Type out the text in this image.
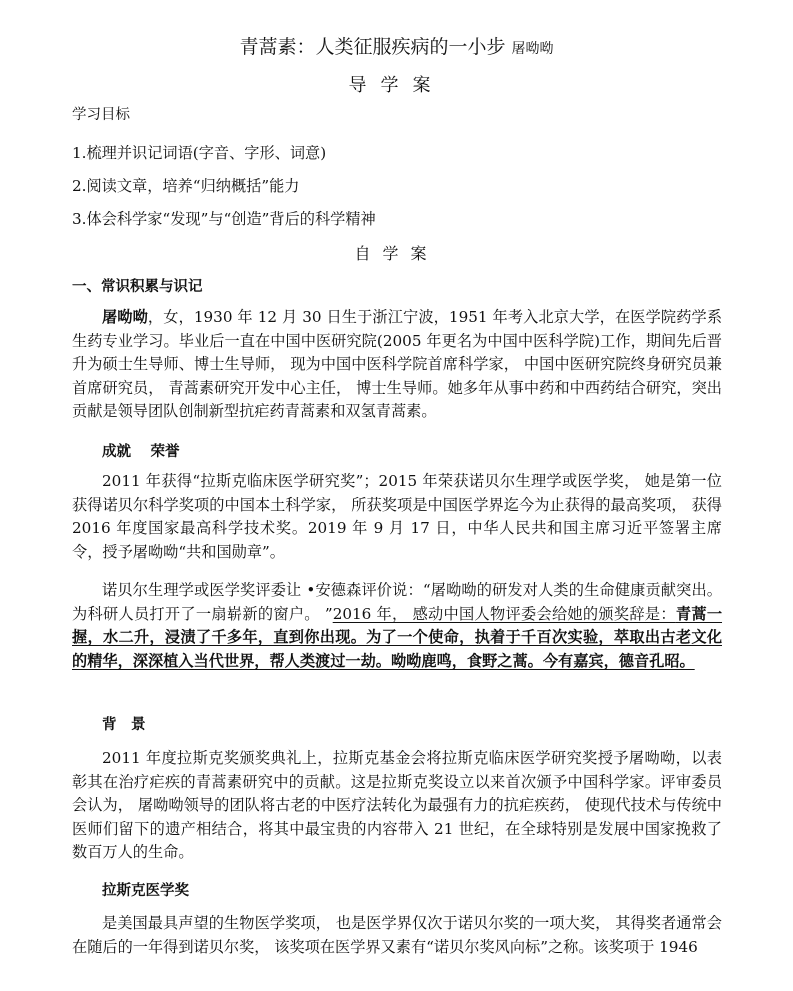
青蒿素：人类征服疾病的一小步 屠呦呦
导学案
学习目标
1.梳理并识记词语(字音、字形、词意)
2.阅读文章，培养“归纳概括”能力
3.体会科学家“发现”与“创造”背后的科学精神
自学案
一、常识积累与识记
屠呦呦，女，1930 年 12 月 30 日生于浙江宁波，1951 年考入北京大学，在医学院药学系生药专业学习。毕业后一直在中国中医研究院(2005 年更名为中国中医科学院)工作，期间先后晋升为硕士生导师、博士生导师， 现为中国中医科学院首席科学家， 中国中医研究院终身研究员兼首席研究员， 青蒿素研究开发中心主任， 博士生导师。她多年从事中药和中西药结合研究，突出贡献是领导团队创制新型抗疟药青蒿素和双氢青蒿素。
成就　 荣誉
2011 年获得“拉斯克临床医学研究奖”；2015 年荣获诺贝尔生理学或医学奖， 她是第一位获得诺贝尔科学奖项的中国本土科学家， 所获奖项是中国医学界迄今为止获得的最高奖项， 获得 2016 年度国家最高科学技术奖。2019 年 9 月 17 日，中华人民共和国主席习近平签署主席令，授予屠呦呦“共和国勋章”。
诺贝尔生理学或医学奖评委让 •安德森评价说：“屠呦呦的研发对人类的生命健康贡献突出。为科研人员打开了一扇崭新的窗户。 ”2016 年， 感动中国人物评委会给她的颁奖辞是：青蒿一握，水二升，浸渍了千多年，直到你出现。为了一个使命，执着于千百次实验，萃取出古老文化的精华，深深植入当代世界，帮人类渡过一劫。呦呦鹿鸣，食野之蒿。今有嘉宾，德音孔昭。
背　景
2011 年度拉斯克奖颁奖典礼上，拉斯克基金会将拉斯克临床医学研究奖授予屠呦呦，以表彰其在治疗疟疾的青蒿素研究中的贡献。这是拉斯克奖设立以来首次颁予中国科学家。评审委员会认为， 屠呦呦领导的团队将古老的中医疗法转化为最强有力的抗疟疾药， 使现代技术与传统中医师们留下的遗产相结合，将其中最宝贵的内容带入 21 世纪，在全球特别是发展中国家挽救了数百万人的生命。
拉斯克医学奖
是美国最具声望的生物医学奖项， 也是医学界仅次于诺贝尔奖的一项大奖， 其得奖者通常会在随后的一年得到诺贝尔奖， 该奖项在医学界又素有“诺贝尔奖风向标”之称。该奖项于 1946
